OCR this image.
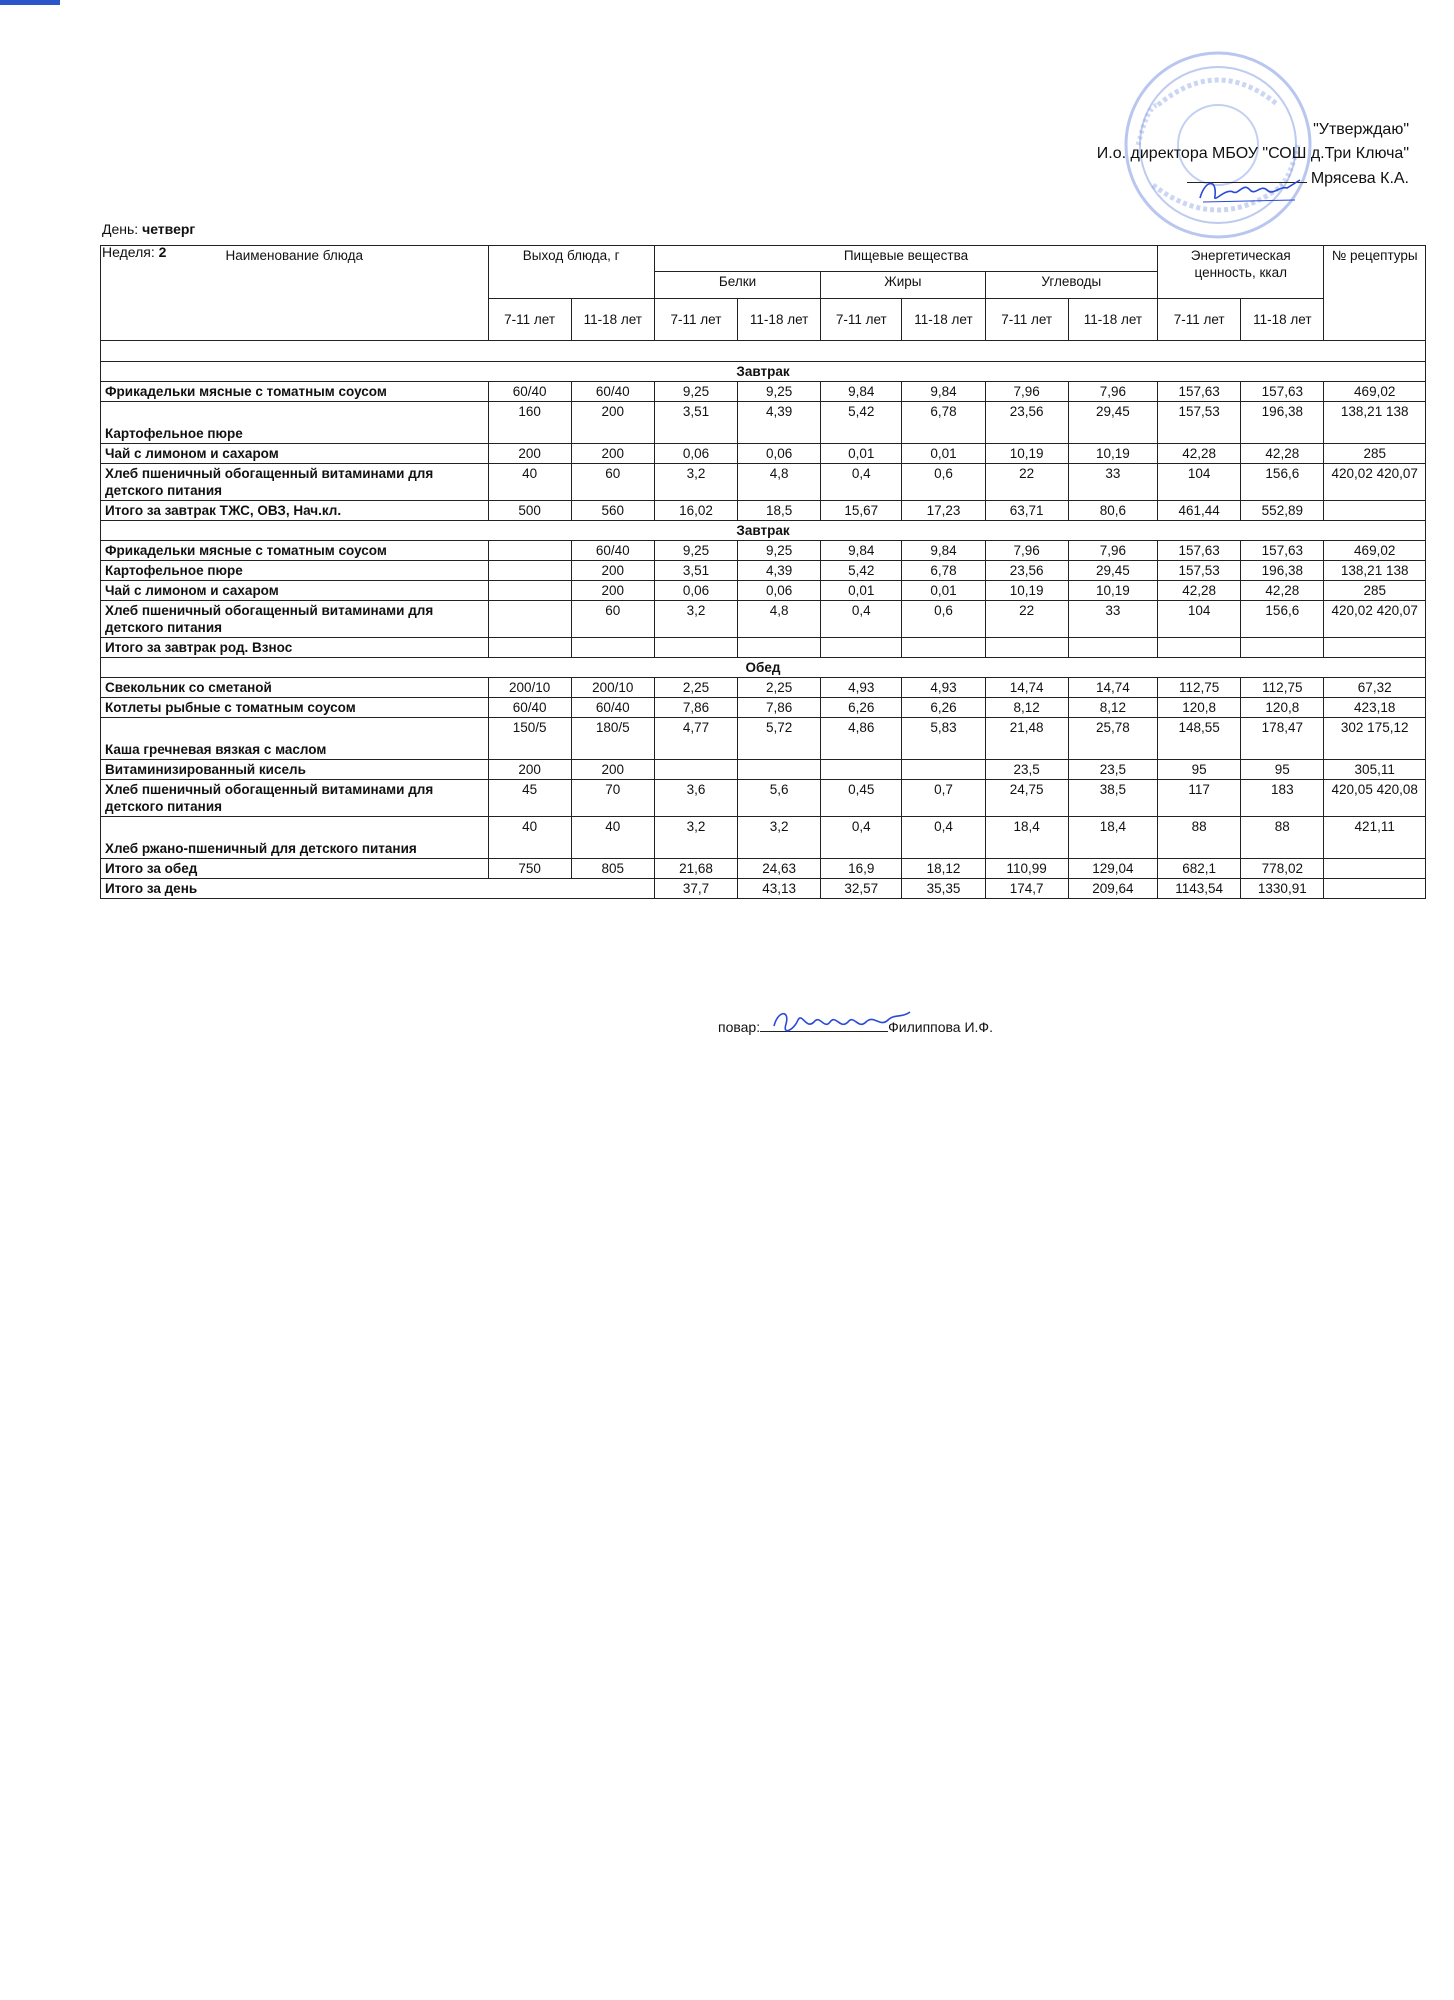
"Утверждаю"
И.о. директора МБОУ "СОШ д.Три Ключа"
Мрясева К.А.
День: четверг
Неделя: 2	Наименование блюда	Выход блюда, г		Пищевые вещества						Энергетическая ценность, ккал		№ рецептуры
			Белки		Жиры		Углеводы				
	7-11 лет	11-18 лет	7-11 лет	11-18 лет	7-11 лет	11-18 лет	7-11 лет	11-18 лет	7-11 лет	11-18 лет	

Завтрак											
Фрикадельки мясные с томатным соусом	60/40	60/40	9,25	9,25	9,84	9,84	7,96	7,96	157,63	157,63	469,02
Картофельное пюре	160	200	3,51	4,39	5,42	6,78	23,56	29,45	157,53	196,38	138,21 138
Чай с лимоном и сахаром	200	200	0,06	0,06	0,01	0,01	10,19	10,19	42,28	42,28	285
Хлеб пшеничный обогащенный витаминами для детского питания	40	60	3,2	4,8	0,4	0,6	22	33	104	156,6	420,02 420,07
Итого за завтрак ТЖС, ОВЗ, Нач.кл.	500	560	16,02	18,5	15,67	17,23	63,71	80,6	461,44	552,89	
Завтрак											
Фрикадельки мясные с томатным соусом		60/40	9,25	9,25	9,84	9,84	7,96	7,96	157,63	157,63	469,02
Картофельное пюре		200	3,51	4,39	5,42	6,78	23,56	29,45	157,53	196,38	138,21 138
Чай с лимоном и сахаром		200	0,06	0,06	0,01	0,01	10,19	10,19	42,28	42,28	285
Хлеб пшеничный обогащенный витаминами для детского питания		60	3,2	4,8	0,4	0,6	22	33	104	156,6	420,02 420,07
Итого за завтрак род. Взнос											
Обед											
Свекольник со сметаной	200/10	200/10	2,25	2,25	4,93	4,93	14,74	14,74	112,75	112,75	67,32
Котлеты рыбные с томатным соусом	60/40	60/40	7,86	7,86	6,26	6,26	8,12	8,12	120,8	120,8	423,18
Каша гречневая вязкая с маслом	150/5	180/5	4,77	5,72	4,86	5,83	21,48	25,78	148,55	178,47	302 175,12
Витаминизированный кисель	200	200					23,5	23,5	95	95	305,11
Хлеб пшеничный обогащенный витаминами для детского питания	45	70	3,6	5,6	0,45	0,7	24,75	38,5	117	183	420,05 420,08
Хлеб ржано-пшеничный для детского питания	40	40	3,2	3,2	0,4	0,4	18,4	18,4	88	88	421,11
Итого за обед	750	805	21,68	24,63	16,9	18,12	110,99	129,04	682,1	778,02	
Итого за день			37,7	43,13	32,57	35,35	174,7	209,64	1143,54	1330,91	
повар:	Филиппова И.Ф.
